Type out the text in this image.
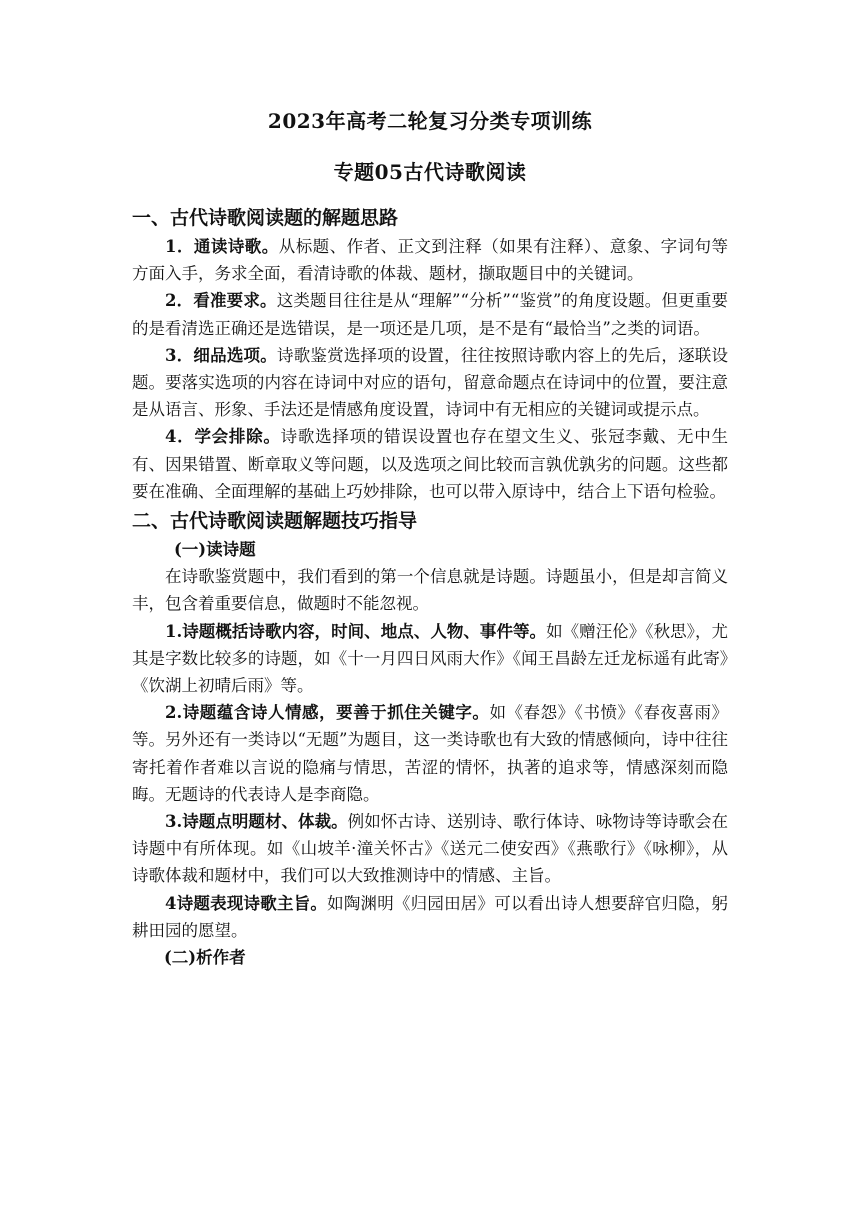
2023年高考二轮复习分类专项训练
专题05古代诗歌阅读
一、古代诗歌阅读题的解题思路

1．通读诗歌。从标题、作者、正文到注释（如果有注释）、意象、字词句等方面入手，务求全面，看清诗歌的体裁、题材，撷取题目中的关键词。

2．看准要求。这类题目往往是从“理解”“分析”“鉴赏”的角度设题。但更重要的是看清选正确还是选错误，是一项还是几项，是不是有“最恰当”之类的词语。

3．细品选项。诗歌鉴赏选择项的设置，往往按照诗歌内容上的先后，逐联设题。要落实选项的内容在诗词中对应的语句，留意命题点在诗词中的位置，要注意是从语言、形象、手法还是情感角度设置，诗词中有无相应的关键词或提示点。

4．学会排除。诗歌选择项的错误设置也存在望文生义、张冠李戴、无中生有、因果错置、断章取义等问题，以及选项之间比较而言孰优孰劣的问题。这些都要在准确、全面理解的基础上巧妙排除，也可以带入原诗中，结合上下语句检验。

二、古代诗歌阅读题解题技巧指导

(一)读诗题

在诗歌鉴赏题中，我们看到的第一个信息就是诗题。诗题虽小，但是却言简义丰，包含着重要信息，做题时不能忽视。

1.诗题概括诗歌内容，时间、地点、人物、事件等。如《赠汪伦》《秋思》，尤其是字数比较多的诗题，如《十一月四日风雨大作》《闻王昌龄左迁龙标遥有此寄》《饮湖上初晴后雨》等。

2.诗题蕴含诗人情感，要善于抓住关键字。如《春怨》《书愤》《春夜喜雨》等。另外还有一类诗以“无题”为题目，这一类诗歌也有大致的情感倾向，诗中往往寄托着作者难以言说的隐痛与情思，苦涩的情怀，执著的追求等，情感深刻而隐晦。无题诗的代表诗人是李商隐。

3.诗题点明题材、体裁。例如怀古诗、送别诗、歌行体诗、咏物诗等诗歌会在诗题中有所体现。如《山坡羊·潼关怀古》《送元二使安西》《燕歌行》《咏柳》，从诗歌体裁和题材中，我们可以大致推测诗中的情感、主旨。

4诗题表现诗歌主旨。如陶渊明《归园田居》可以看出诗人想要辞官归隐，躬耕田园的愿望。

(二)析作者
